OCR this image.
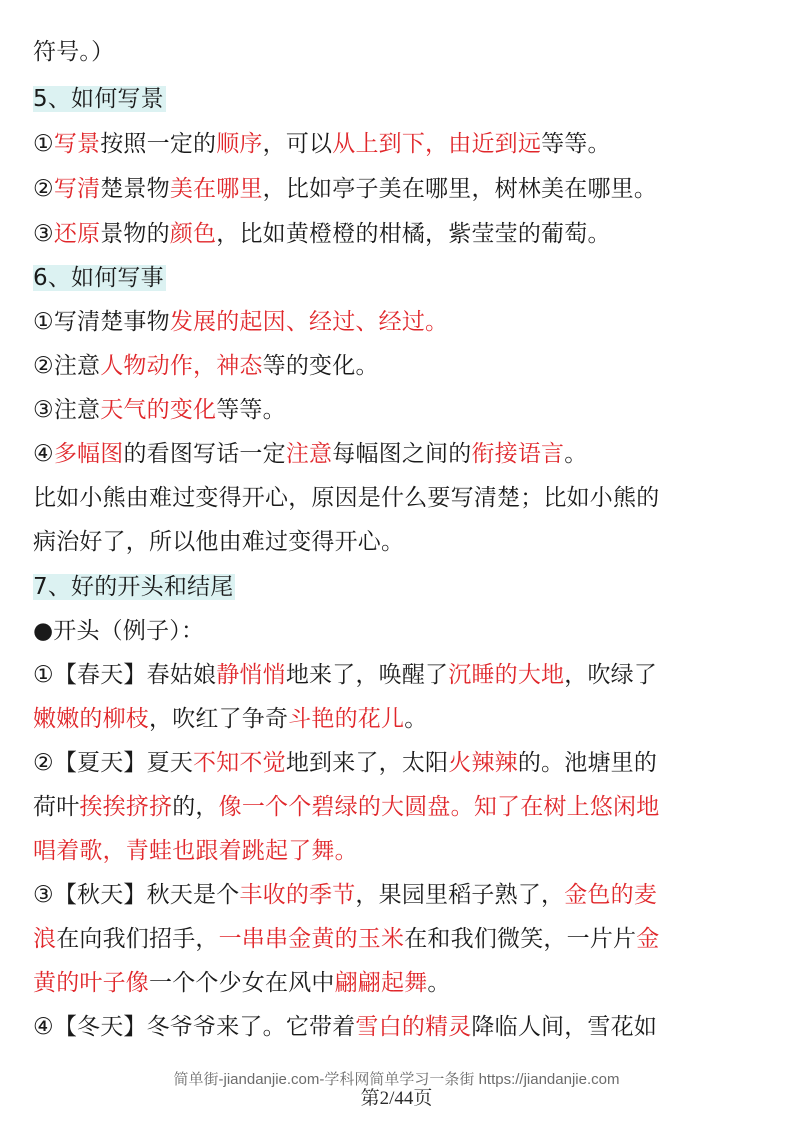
符号。）
5、如何写景
①写景按照一定的顺序，可以从上到下，由近到远等等。
②写清楚景物美在哪里，比如亭子美在哪里，树林美在哪里。
③还原景物的颜色，比如黄橙橙的柑橘，紫莹莹的葡萄。
6、如何写事
①写清楚事物发展的起因、经过、经过。
②注意人物动作，神态等的变化。
③注意天气的变化等等。
④多幅图的看图写话一定注意每幅图之间的衔接语言。
比如小熊由难过变得开心，原因是什么要写清楚；比如小熊的
病治好了，所以他由难过变得开心。
7、好的开头和结尾
●开头（例子）：
①【春天】春姑娘静悄悄地来了，唤醒了沉睡的大地，吹绿了
嫩嫩的柳枝，吹红了争奇斗艳的花儿。
②【夏天】夏天不知不觉地到来了，太阳火辣辣的。池塘里的
荷叶挨挨挤挤的，像一个个碧绿的大圆盘。知了在树上悠闲地
唱着歌，青蛙也跟着跳起了舞。
③【秋天】秋天是个丰收的季节，果园里稻子熟了，金色的麦
浪在向我们招手，一串串金黄的玉米在和我们微笑，一片片金
黄的叶子像一个个少女在风中翩翩起舞。
④【冬天】冬爷爷来了。它带着雪白的精灵降临人间，雪花如
简单街-jiandanjie.com-学科网简单学习一条街 https://jiandanjie.com
第2/44页
